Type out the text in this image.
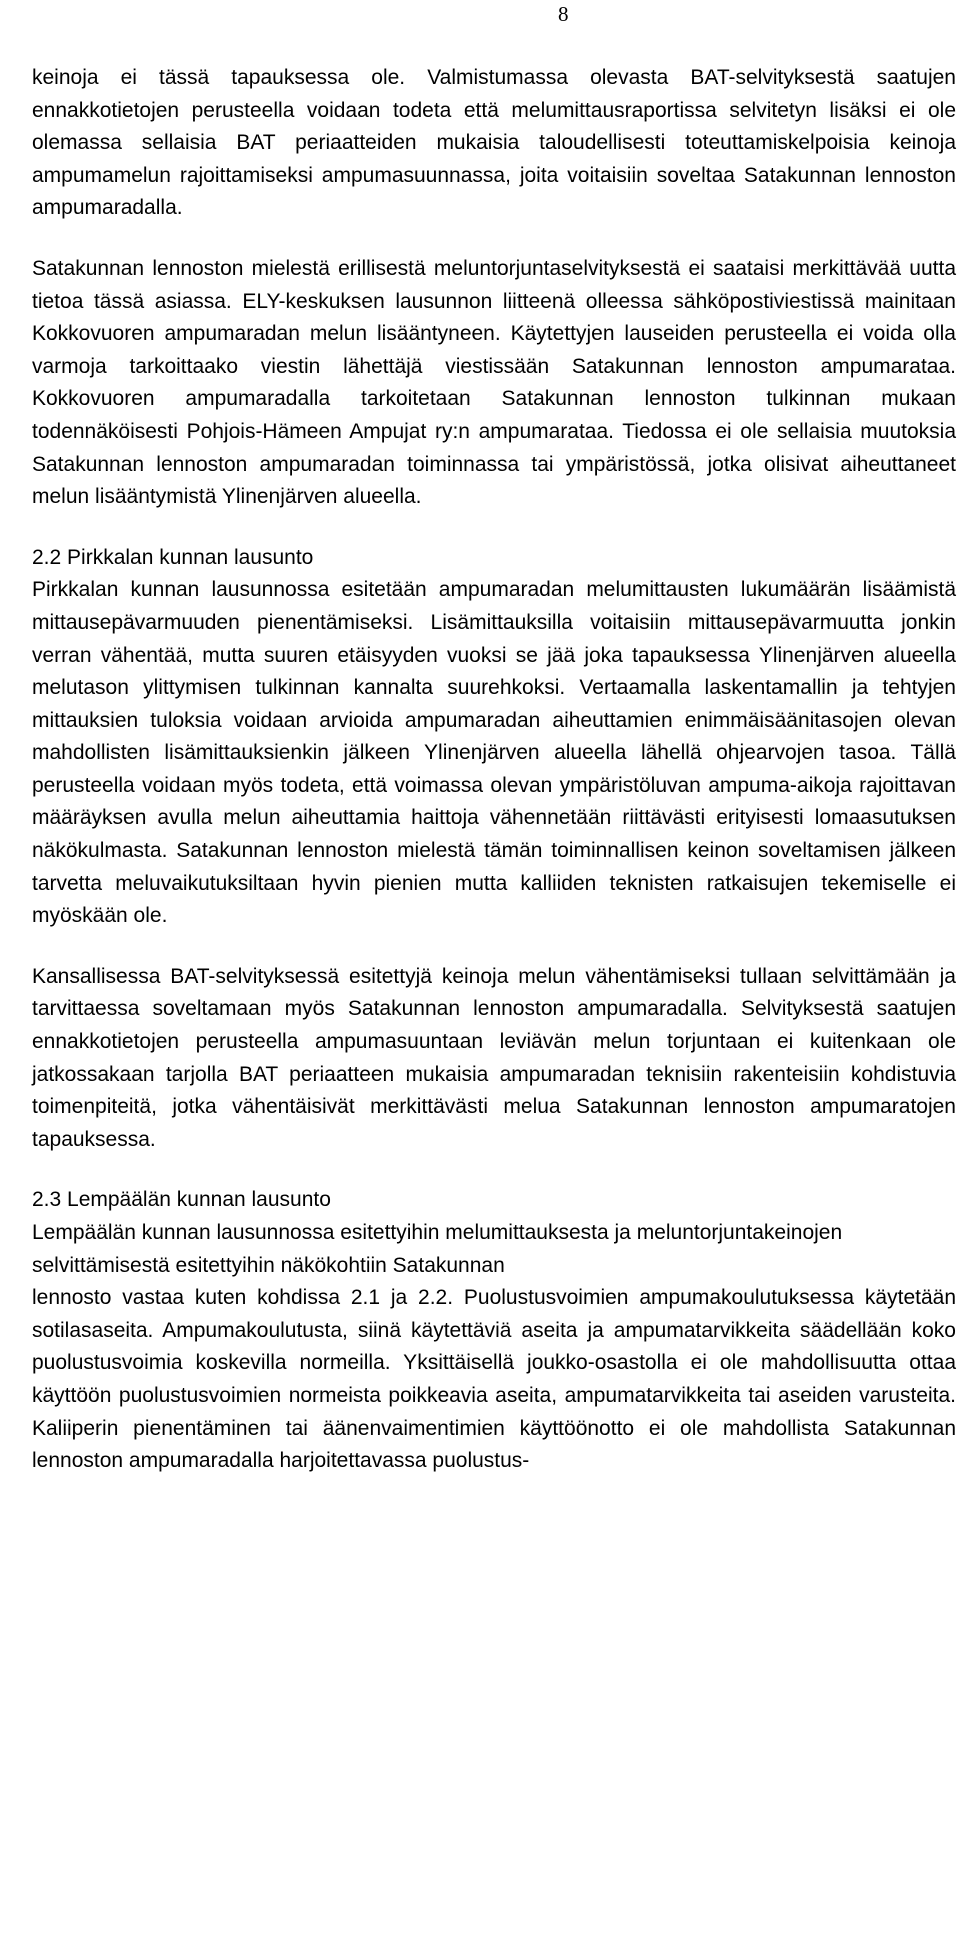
8

keinoja ei tässä tapauksessa ole. Valmistumassa olevasta BAT-selvityksestä saatujen ennakkotietojen perusteella voidaan todeta että melumittausraportissa selvitetyn lisäksi ei ole olemassa sellaisia BAT periaatteiden mukaisia taloudellisesti toteuttamiskelpoisia keinoja ampumamelun rajoittamiseksi ampumasuunnassa, joita voitaisiin soveltaa Satakunnan lennoston ampumaradalla.

Satakunnan lennoston mielestä erillisestä meluntorjuntaselvityksestä ei saataisi merkittävää uutta tietoa tässä asiassa. ELY-keskuksen lausunnon liitteenä olleessa sähköpostiviestissä mainitaan Kokkovuoren ampumaradan melun lisääntyneen. Käytettyjen lauseiden perusteella ei voida olla varmoja tarkoittaako viestin lähettäjä viestissään Satakunnan lennoston ampumarataa. Kokkovuoren ampumaradalla tarkoitetaan Satakunnan lennoston tulkinnan mukaan todennäköisesti Pohjois-Hämeen Ampujat ry:n ampumarataa. Tiedossa ei ole sellaisia muutoksia Satakunnan lennoston ampumaradan toiminnassa tai ympäristössä, jotka olisivat aiheuttaneet melun lisääntymistä Ylinenjärven alueella.

2.2 Pirkkalan kunnan lausunto

Pirkkalan kunnan lausunnossa esitetään ampumaradan melumittausten lukumäärän lisäämistä mittausepävarmuuden pienentämiseksi. Lisämittauksilla voitaisiin mittausepävarmuutta jonkin verran vähentää, mutta suuren etäisyyden vuoksi se jää joka tapauksessa Ylinenjärven alueella melutason ylittymisen tulkinnan kannalta suurehkoksi. Vertaamalla laskentamallin ja tehtyjen mittauksien tuloksia voidaan arvioida ampumaradan aiheuttamien enimmäisäänitasojen olevan mahdollisten lisämittauksienkin jälkeen Ylinenjärven alueella lähellä ohjearvojen tasoa. Tällä perusteella voidaan myös todeta, että voimassa olevan ympäristöluvan ampuma-aikoja rajoittavan määräyksen avulla melun aiheuttamia haittoja vähennetään riittävästi erityisesti lomaasutuksen näkökulmasta. Satakunnan lennoston mielestä tämän toiminnallisen keinon soveltamisen jälkeen tarvetta meluvaikutuksiltaan hyvin pienien mutta kalliiden teknisten ratkaisujen tekemiselle ei myöskään ole.

Kansallisessa BAT-selvityksessä esitettyjä keinoja melun vähentämiseksi tullaan selvittämään ja tarvittaessa soveltamaan myös Satakunnan lennoston ampumaradalla. Selvityksestä saatujen ennakkotietojen perusteella ampumasuuntaan leviävän melun torjuntaan ei kuitenkaan ole jatkossakaan tarjolla BAT periaatteen mukaisia ampumaradan teknisiin rakenteisiin kohdistuvia toimenpiteitä, jotka vähentäisivät merkittävästi melua Satakunnan lennoston ampumaratojen tapauksessa.

2.3 Lempäälän kunnan lausunto

Lempäälän kunnan lausunnossa esitettyihin melumittauksesta ja meluntorjuntakeinojen selvittämisestä esitettyihin näkökohtiin Satakunnan

lennosto vastaa kuten kohdissa 2.1 ja 2.2. Puolustusvoimien ampumakoulutuksessa käytetään sotilasaseita. Ampumakoulutusta, siinä käytettäviä aseita ja ampumatarvikkeita säädellään koko puolustusvoimia koskevilla normeilla. Yksittäisellä joukko-osastolla ei ole mahdollisuutta ottaa käyttöön puolustusvoimien normeista poikkeavia aseita, ampumatarvikkeita tai aseiden varusteita. Kaliiperin pienentäminen tai äänenvaimentimien käyttöönotto ei ole mahdollista Satakunnan lennoston ampumaradalla harjoitettavassa puolustus-
